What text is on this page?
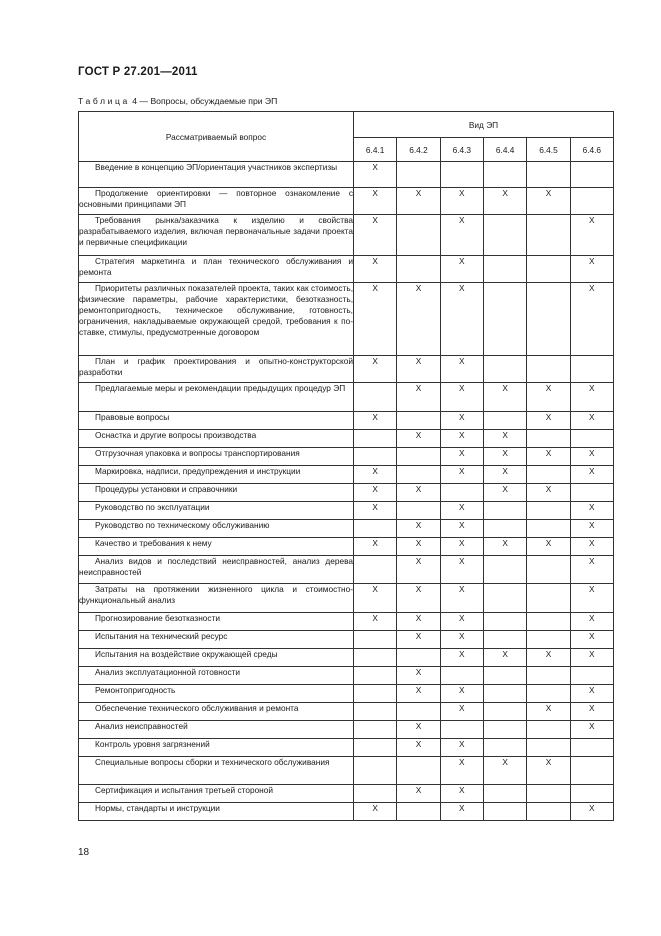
ГОСТ Р 27.201—2011
Таблица 4 — Вопросы, обсуждаемые при ЭП
Рассматриваемый вопрос	Вид ЭП					
	6.4.1	6.4.2	6.4.3	6.4.4	6.4.5	6.4.6

Введение в концепцию ЭП/ориентация участников экспертизы	X					

Продолжение ориентировки — повторное ознакомление с основными принципами ЭП	X	X	X	X	X	

Требования рынка/заказчика к изделию и свойства разрабатываемого изделия, включая первоначальные задачи проекта и первичные спецификации	X		X			X

Стратегия маркетинга и план технического обслуживания и ремонта	X		X			X

Приоритеты различных показателей проекта, таких как стоимость, физические параметры, рабочие характеристики, безотказность, ремонтопригодность, техническое обслуживание, готовность, ограничения, накладываемые окружающей средой, требования к поставке, стимулы, предусмотренные договором	X	X	X			X

План и график проектирования и опытно-конструкторской разработки	X	X	X			

Предлагаемые меры и рекомендации предыдущих процедур ЭП		X	X	X	X	X

Правовые вопросы	X		X		X	X

Оснастка и другие вопросы производства		X	X	X		

Отгрузочная упаковка и вопросы транспортирования			X	X	X	X

Маркировка, надписи, предупреждения и инструкции	X		X	X		X

Процедуры установки и справочники	X	X		X	X	

Руководство по эксплуатации	X		X			X

Руководство по техническому обслуживанию		X	X			X

Качество и требования к нему	X	X	X	X	X	X

Анализ видов и последствий неисправностей, анализ дерева неисправностей		X	X			X

Затраты на протяжении жизненного цикла и стоимостно-функциональный анализ	X	X	X			X

Прогнозирование безотказности	X	X	X			X

Испытания на технический ресурс		X	X			X

Испытания на воздействие окружающей среды			X	X	X	X

Анализ эксплуатационной готовности		X				

Ремонтопригодность		X	X			X

Обеспечение технического обслуживания и ремонта			X		X	X

Анализ неисправностей		X				X

Контроль уровня загрязнений		X	X			

Специальные вопросы сборки и технического обслуживания			X	X	X	

Сертификация и испытания третьей стороной		X	X			

Нормы, стандарты и инструкции	X		X			X
18
